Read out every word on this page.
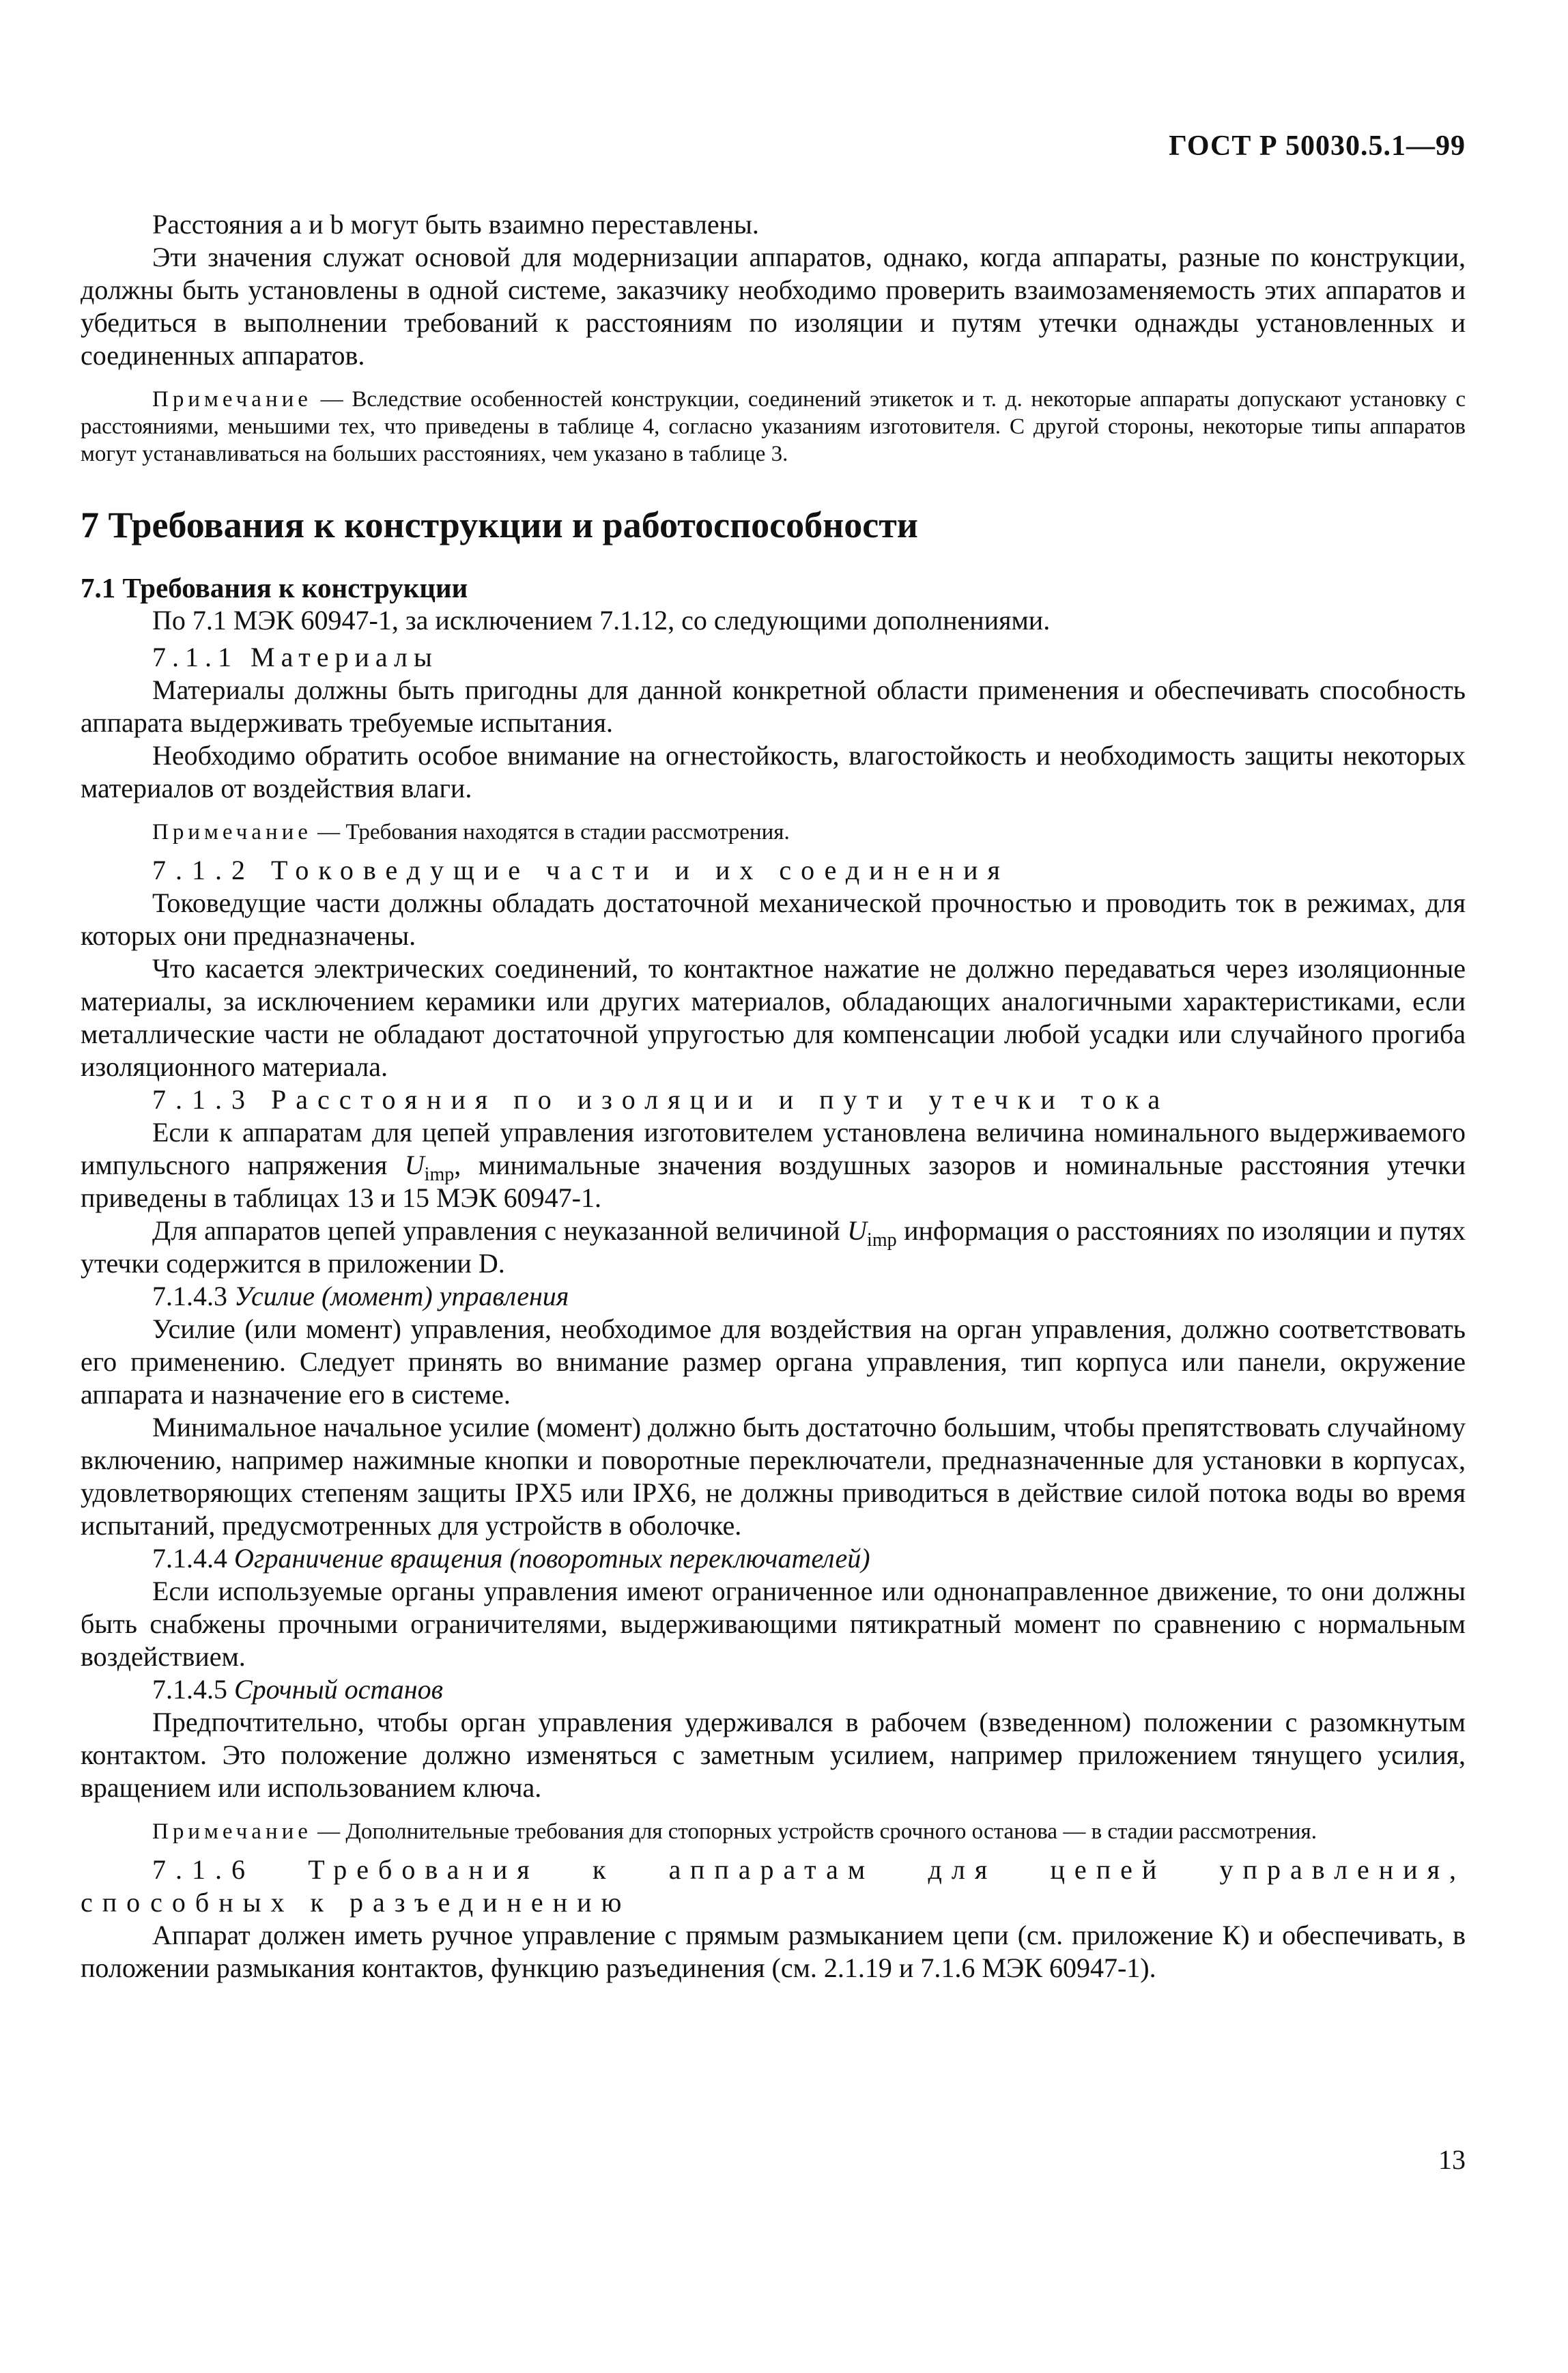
ГОСТ Р 50030.5.1—99

Расстояния а и b могут быть взаимно переставлены.

Эти значения служат основой для модернизации аппаратов, однако, когда аппараты, разные по конструкции, должны быть установлены в одной системе, заказчику необходимо проверить взаимозаменяемость этих аппаратов и убедиться в выполнении требований к расстояниям по изоляции и путям утечки однажды установленных и соединенных аппаратов.

Примечание — Вследствие особенностей конструкции, соединений этикеток и т. д. некоторые аппараты допускают установку с расстояниями, меньшими тех, что приведены в таблице 4, согласно указаниям изготовителя. С другой стороны, некоторые типы аппаратов могут устанавливаться на больших расстояниях, чем указано в таблице 3.

7 Требования к конструкции и работоспособности

7.1 Требования к конструкции

По 7.1 МЭК 60947-1, за исключением 7.1.12, со следующими дополнениями.

7.1.1 Материалы

Материалы должны быть пригодны для данной конкретной области применения и обеспечивать способность аппарата выдерживать требуемые испытания.

Необходимо обратить особое внимание на огнестойкость, влагостойкость и необходимость защиты некоторых материалов от воздействия влаги.

Примечание — Требования находятся в стадии рассмотрения.

7.1.2 Токоведущие части и их соединения

Токоведущие части должны обладать достаточной механической прочностью и проводить ток в режимах, для которых они предназначены.

Что касается электрических соединений, то контактное нажатие не должно передаваться через изоляционные материалы, за исключением керамики или других материалов, обладающих аналогичными характеристиками, если металлические части не обладают достаточной упругостью для компенсации любой усадки или случайного прогиба изоляционного материала.

7.1.3 Расстояния по изоляции и пути утечки тока

Если к аппаратам для цепей управления изготовителем установлена величина номинального выдерживаемого импульсного напряжения $U_{imp}$, минимальные значения воздушных зазоров и номинальные расстояния утечки приведены в таблицах 13 и 15 МЭК 60947-1.

Для аппаратов цепей управления с неуказанной величиной $U_{imp}$ информация о расстояниях по изоляции и путях утечки содержится в приложении D.

7.1.4.3 Усилие (момент) управления

Усилие (или момент) управления, необходимое для воздействия на орган управления, должно соответствовать его применению. Следует принять во внимание размер органа управления, тип корпуса или панели, окружение аппарата и назначение его в системе.

Минимальное начальное усилие (момент) должно быть достаточно большим, чтобы препятствовать случайному включению, например нажимные кнопки и поворотные переключатели, предназначенные для установки в корпусах, удовлетворяющих степеням защиты IPX5 или IPX6, не должны приводиться в действие силой потока воды во время испытаний, предусмотренных для устройств в оболочке.

7.1.4.4 Ограничение вращения (поворотных переключателей)

Если используемые органы управления имеют ограниченное или однонаправленное движение, то они должны быть снабжены прочными ограничителями, выдерживающими пятикратный момент по сравнению с нормальным воздействием.

7.1.4.5 Срочный останов

Предпочтительно, чтобы орган управления удерживался в рабочем (взведенном) положении с разомкнутым контактом. Это положение должно изменяться с заметным усилием, например приложением тянущего усилия, вращением или использованием ключа.

Примечание — Дополнительные требования для стопорных устройств срочного останова — в стадии рассмотрения.

7.1.6 Требования к аппаратам для цепей управления, способных к разъединению

Аппарат должен иметь ручное управление с прямым размыканием цепи (см. приложение К) и обеспечивать, в положении размыкания контактов, функцию разъединения (см. 2.1.19 и 7.1.6 МЭК 60947-1).

13
